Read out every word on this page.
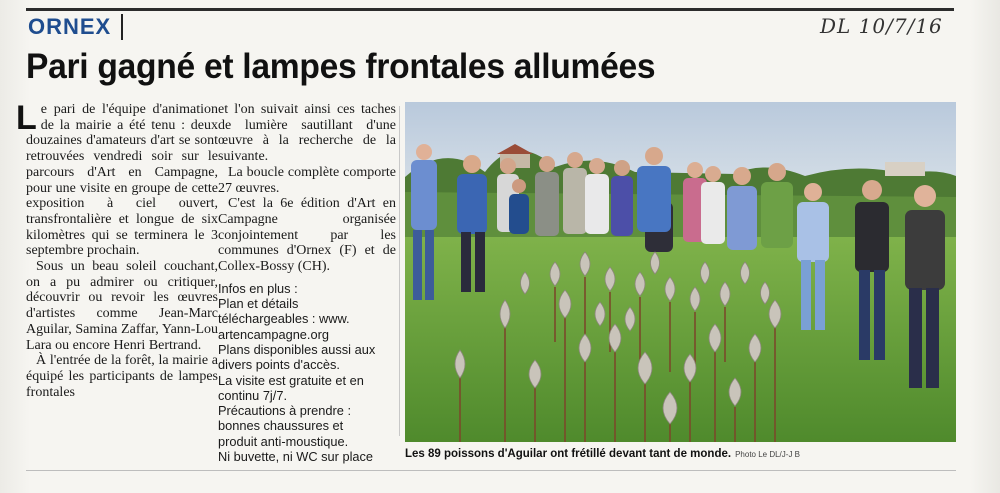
ORNEX	DL 10/7/16
Pari gagné et lampes frontales allumées

Le pari de l'équipe d'animation de la mairie a été tenu : deux douzaines d'amateurs d'art se sont retrouvées vendredi soir sur le parcours d'Art en Campagne, pour une visite en groupe de cette exposition à ciel ouvert, transfrontalière et longue de six kilomètres qui se terminera le 3 septembre prochain.

Sous un beau soleil couchant, on a pu admirer ou critiquer, découvrir ou revoir les œuvres d'artistes comme Jean-Marc Aguilar, Samina Zaffar, Yann-Lou Lara ou encore Henri Bertrand.

À l'entrée de la forêt, la mairie a équipé les participants de lampes frontales

et l'on suivait ainsi ces taches de lumière sautillant d'une œuvre à la recherche de la suivante.

La boucle complète comporte 27 œuvres.

C'est la 6e édition d'Art en Campagne organisée conjointement par les communes d'Ornex (F) et de Collex-Bossy (CH).

Infos en plus :
Plan et détails
téléchargeables : www.
artencampagne.org
Plans disponibles aussi aux
divers points d'accès.
La visite est gratuite et en
continu 7j/7.
Précautions à prendre :
bonnes chaussures et
produit anti-moustique.
Ni buvette, ni WC sur place	Les 89 poissons d'Aguilar ont frétillé devant tant de monde. Photo Le DL/J-J B
